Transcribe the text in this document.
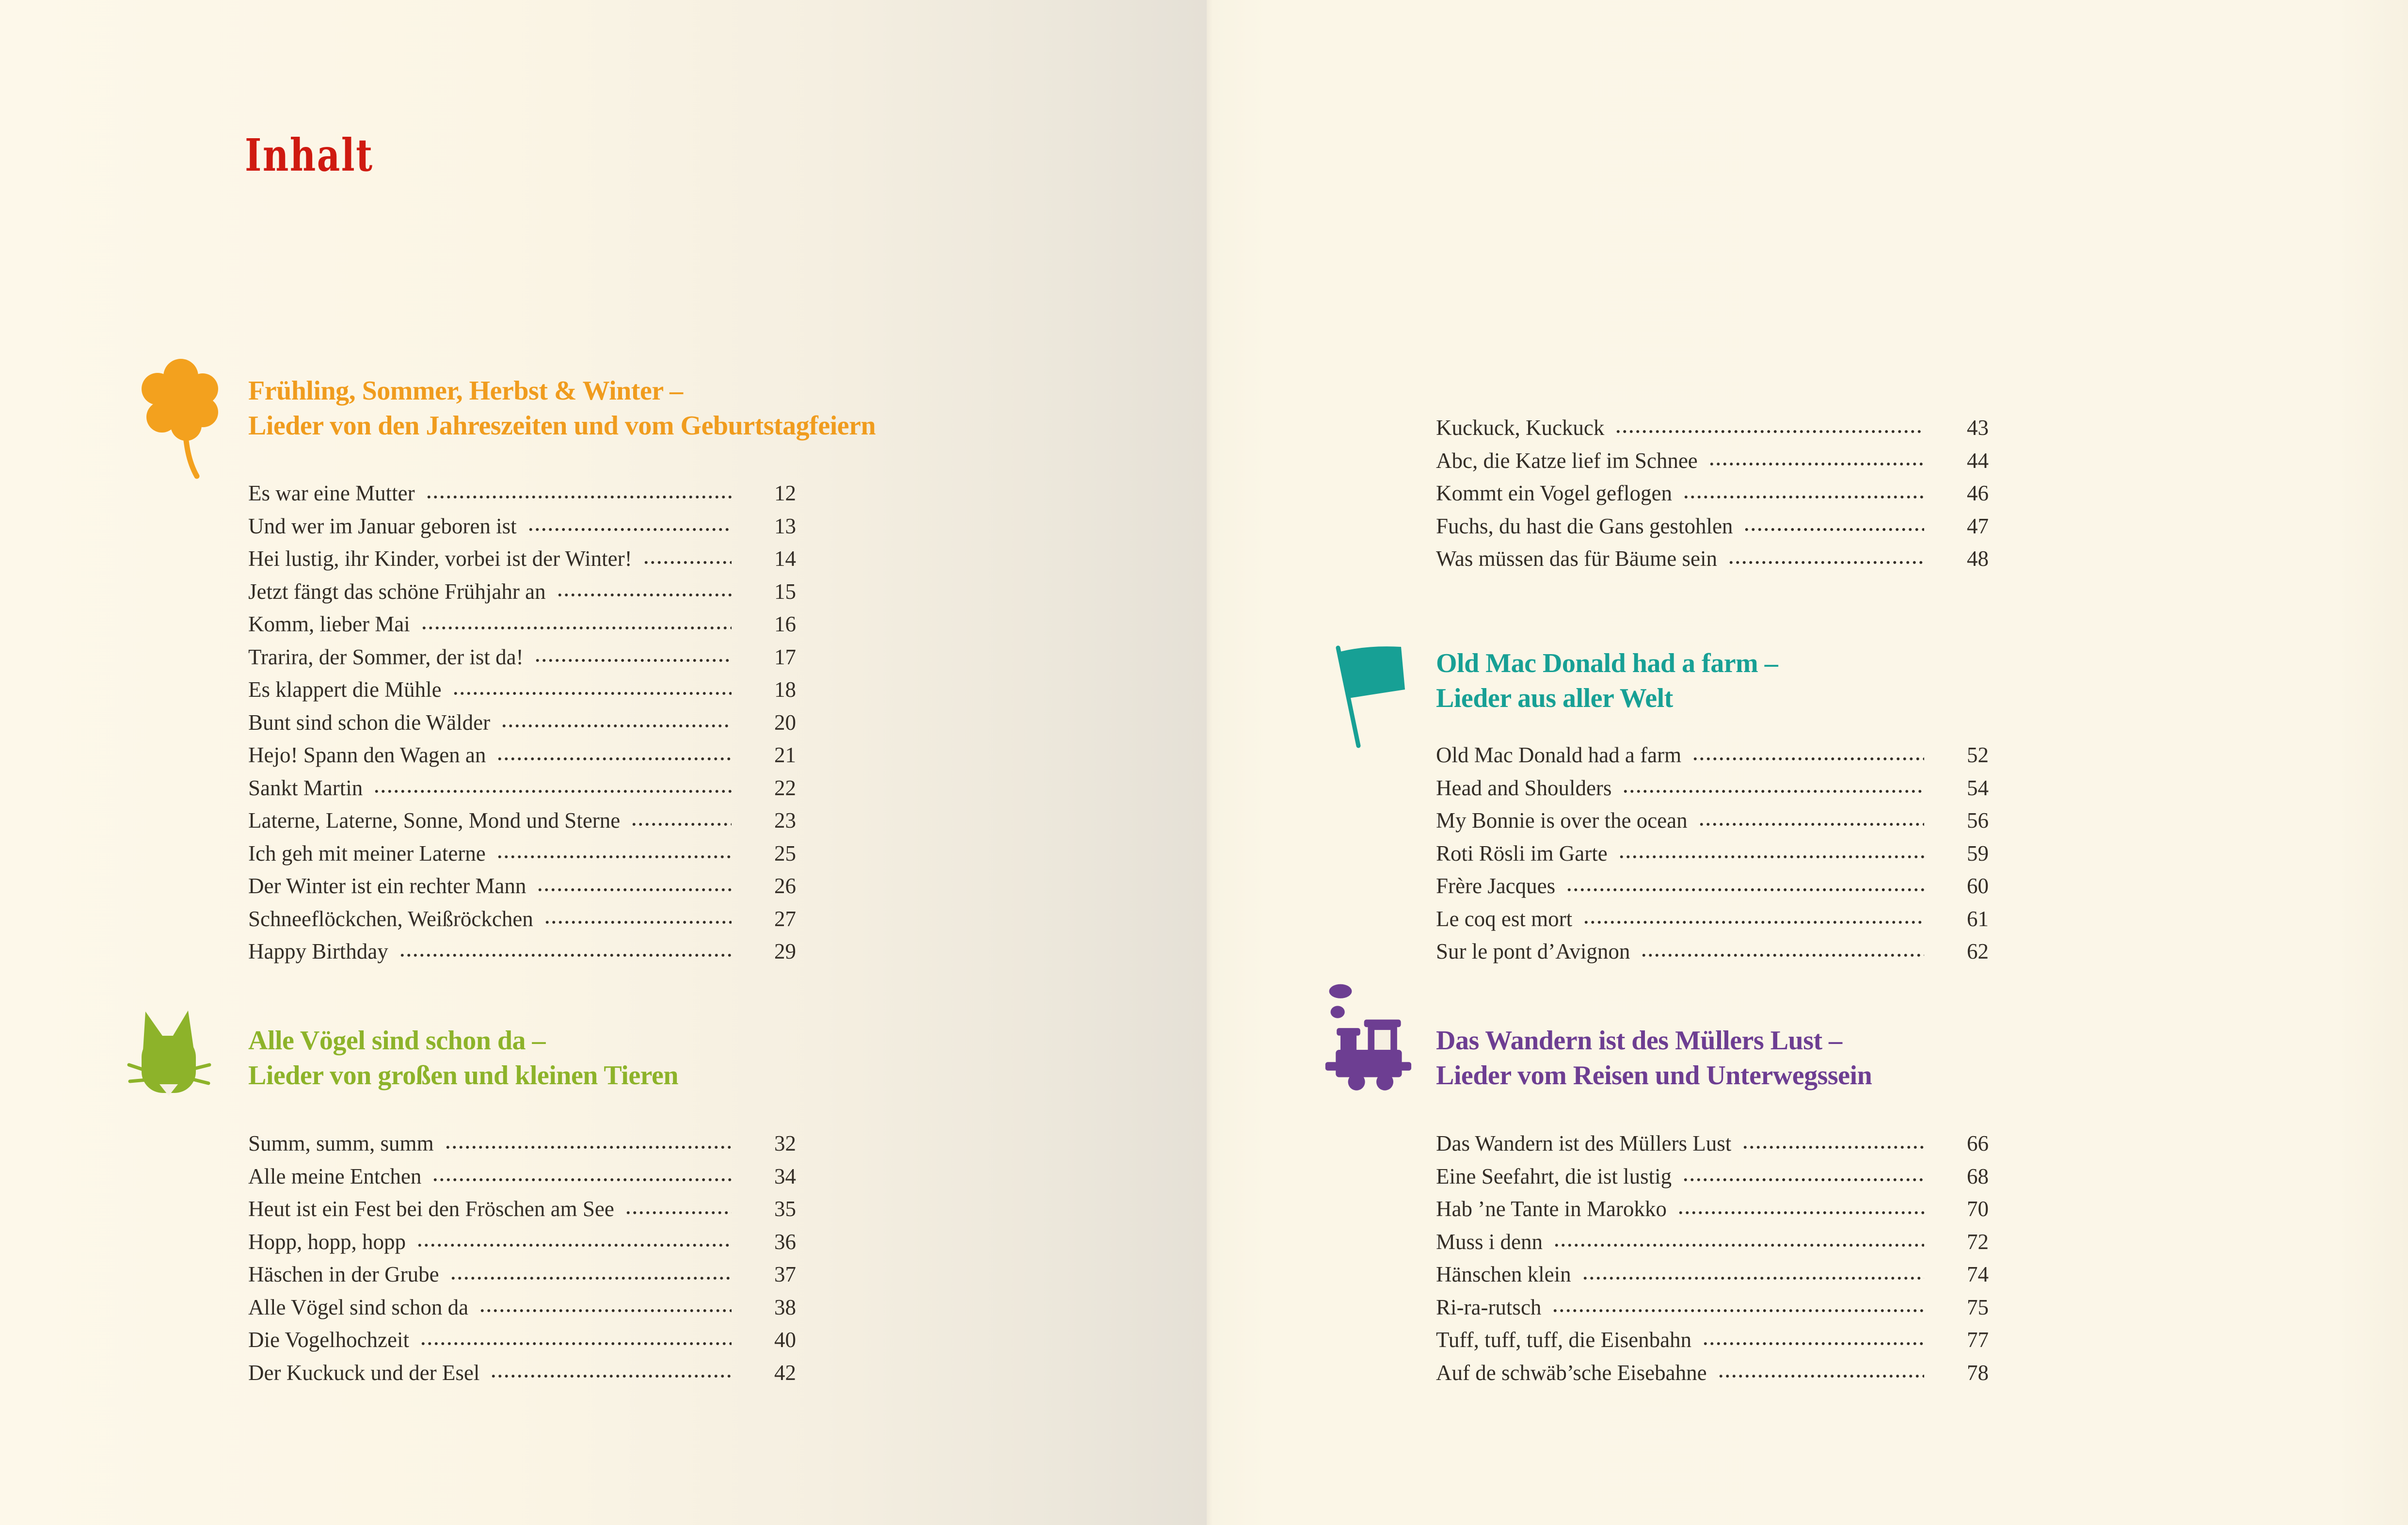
Inhalt
Frühling, Sommer, Herbst & Winter –
Lieder von den Jahreszeiten und vom Geburtstagfeiern
Es war eine Mutter	12
Und wer im Januar geboren ist	13
Hei lustig, ihr Kinder, vorbei ist der Winter!	14
Jetzt fängt das schöne Frühjahr an	15
Komm, lieber Mai	16
Trarira, der Sommer, der ist da!	17
Es klappert die Mühle	18
Bunt sind schon die Wälder	20
Hejo! Spann den Wagen an	21
Sankt Martin	22
Laterne, Laterne, Sonne, Mond und Sterne	23
Ich geh mit meiner Laterne	25
Der Winter ist ein rechter Mann	26
Schneeflöckchen, Weißröckchen	27
Happy Birthday	29
Alle Vögel sind schon da –
Lieder von großen und kleinen Tieren
Summ, summ, summ	32
Alle meine Entchen	34
Heut ist ein Fest bei den Fröschen am See	35
Hopp, hopp, hopp	36
Häschen in der Grube	37
Alle Vögel sind schon da	38
Die Vogelhochzeit	40
Der Kuckuck und der Esel	42
Kuckuck, Kuckuck	43
Abc, die Katze lief im Schnee	44
Kommt ein Vogel geflogen	46
Fuchs, du hast die Gans gestohlen	47
Was müssen das für Bäume sein	48
Old Mac Donald had a farm –
Lieder aus aller Welt
Old Mac Donald had a farm	52
Head and Shoulders	54
My Bonnie is over the ocean	56
Roti Rösli im Garte	59
Frère Jacques	60
Le coq est mort	61
Sur le pont d’Avignon	62
Das Wandern ist des Müllers Lust –
Lieder vom Reisen und Unterwegssein
Das Wandern ist des Müllers Lust	66
Eine Seefahrt, die ist lustig	68
Hab ’ne Tante in Marokko	70
Muss i denn	72
Hänschen klein	74
Ri-ra-rutsch	75
Tuff, tuff, tuff, die Eisenbahn	77
Auf de schwäb’sche Eisebahne	78
